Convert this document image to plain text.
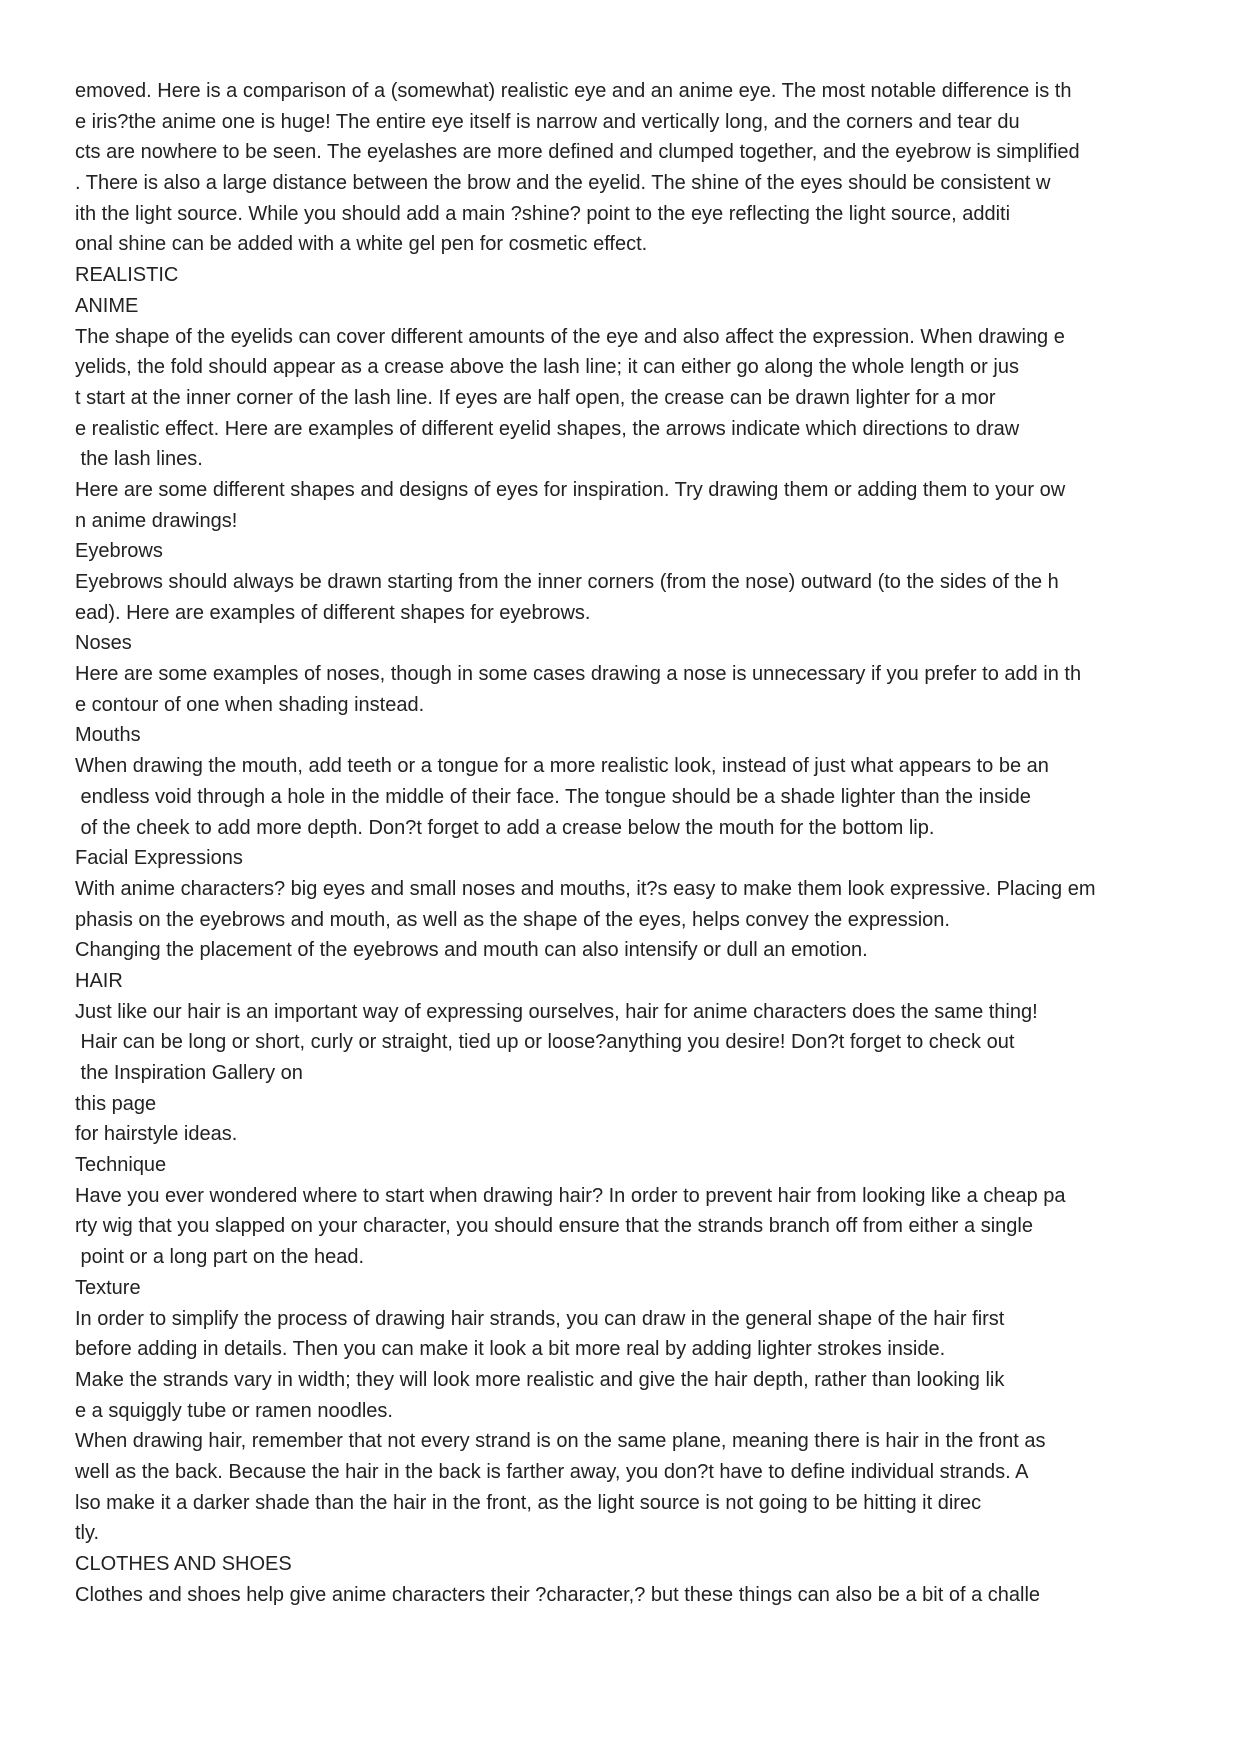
emoved. Here is a comparison of a (somewhat) realistic eye and an anime eye. The most notable difference is th
e iris?the anime one is huge! The entire eye itself is narrow and vertically long, and the corners and tear du
cts are nowhere to be seen. The eyelashes are more defined and clumped together, and the eyebrow is simplified
. There is also a large distance between the brow and the eyelid. The shine of the eyes should be consistent w
ith the light source. While you should add a main ?shine? point to the eye reflecting the light source, additi
onal shine can be added with a white gel pen for cosmetic effect.
REALISTIC
ANIME
The shape of the eyelids can cover different amounts of the eye and also affect the expression. When drawing e
yelids, the fold should appear as a crease above the lash line; it can either go along the whole length or jus
t start at the inner corner of the lash line. If eyes are half open, the crease can be drawn lighter for a mor
e realistic effect. Here are examples of different eyelid shapes, the arrows indicate which directions to draw
the lash lines.
Here are some different shapes and designs of eyes for inspiration. Try drawing them or adding them to your ow
n anime drawings!
Eyebrows
Eyebrows should always be drawn starting from the inner corners (from the nose) outward (to the sides of the h
ead). Here are examples of different shapes for eyebrows.
Noses
Here are some examples of noses, though in some cases drawing a nose is unnecessary if you prefer to add in th
e contour of one when shading instead.
Mouths
When drawing the mouth, add teeth or a tongue for a more realistic look, instead of just what appears to be an
endless void through a hole in the middle of their face. The tongue should be a shade lighter than the inside
of the cheek to add more depth. Don?t forget to add a crease below the mouth for the bottom lip.
Facial Expressions
With anime characters? big eyes and small noses and mouths, it?s easy to make them look expressive. Placing em
phasis on the eyebrows and mouth, as well as the shape of the eyes, helps convey the expression.
Changing the placement of the eyebrows and mouth can also intensify or dull an emotion.
HAIR
Just like our hair is an important way of expressing ourselves, hair for anime characters does the same thing!
Hair can be long or short, curly or straight, tied up or loose?anything you desire! Don?t forget to check out
the Inspiration Gallery on
this page
for hairstyle ideas.
Technique
Have you ever wondered where to start when drawing hair? In order to prevent hair from looking like a cheap pa
rty wig that you slapped on your character, you should ensure that the strands branch off from either a single
point or a long part on the head.
Texture
In order to simplify the process of drawing hair strands, you can draw in the general shape of the hair first
before adding in details. Then you can make it look a bit more real by adding lighter strokes inside.
Make the strands vary in width; they will look more realistic and give the hair depth, rather than looking lik
e a squiggly tube or ramen noodles.
When drawing hair, remember that not every strand is on the same plane, meaning there is hair in the front as
well as the back. Because the hair in the back is farther away, you don?t have to define individual strands. A
lso make it a darker shade than the hair in the front, as the light source is not going to be hitting it direc
tly.
CLOTHES AND SHOES
Clothes and shoes help give anime characters their ?character,? but these things can also be a bit of a challe
